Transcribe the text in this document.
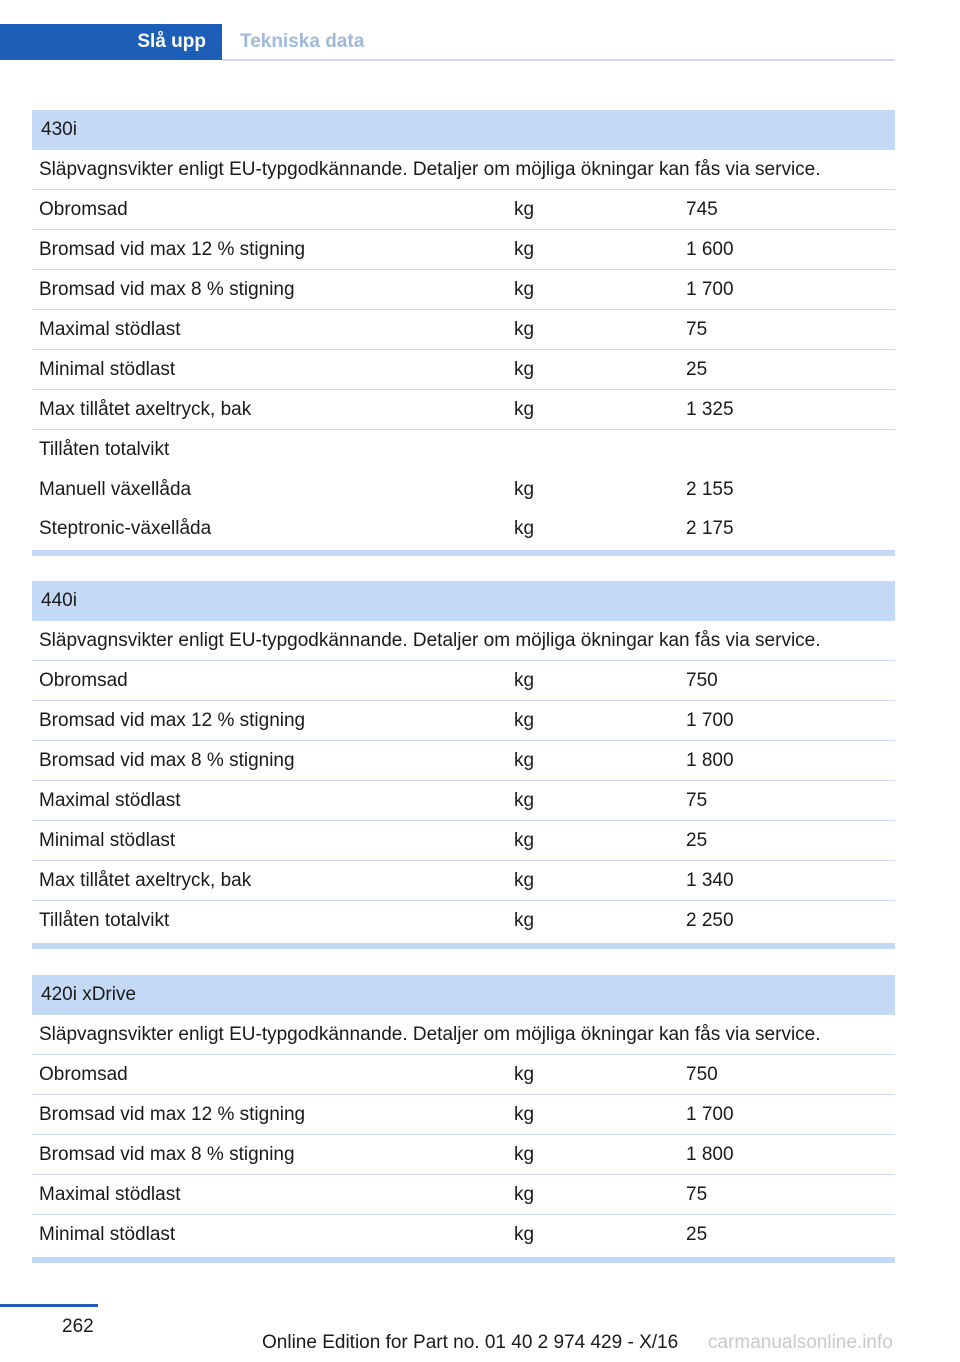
Slå upp	Tekniska data
430i
Släpvagnsvikter enligt EU-typgodkännande. Detaljer om möjliga ökningar kan fås via service.
Obromsad	kg	745
Bromsad vid max 12 % stigning	kg	1 600
Bromsad vid max 8 % stigning	kg	1 700
Maximal stödlast	kg	75
Minimal stödlast	kg	25
Max tillåtet axeltryck, bak	kg	1 325
Tillåten totalvikt
Manuell växellåda	kg	2 155
Steptronic-växellåda	kg	2 175
440i
Släpvagnsvikter enligt EU-typgodkännande. Detaljer om möjliga ökningar kan fås via service.
Obromsad	kg	750
Bromsad vid max 12 % stigning	kg	1 700
Bromsad vid max 8 % stigning	kg	1 800
Maximal stödlast	kg	75
Minimal stödlast	kg	25
Max tillåtet axeltryck, bak	kg	1 340
Tillåten totalvikt	kg	2 250
420i xDrive
Släpvagnsvikter enligt EU-typgodkännande. Detaljer om möjliga ökningar kan fås via service.
Obromsad	kg	750
Bromsad vid max 12 % stigning	kg	1 700
Bromsad vid max 8 % stigning	kg	1 800
Maximal stödlast	kg	75
Minimal stödlast	kg	25
262
Online Edition for Part no. 01 40 2 974 429 - X/16 carmanualsonline.info
